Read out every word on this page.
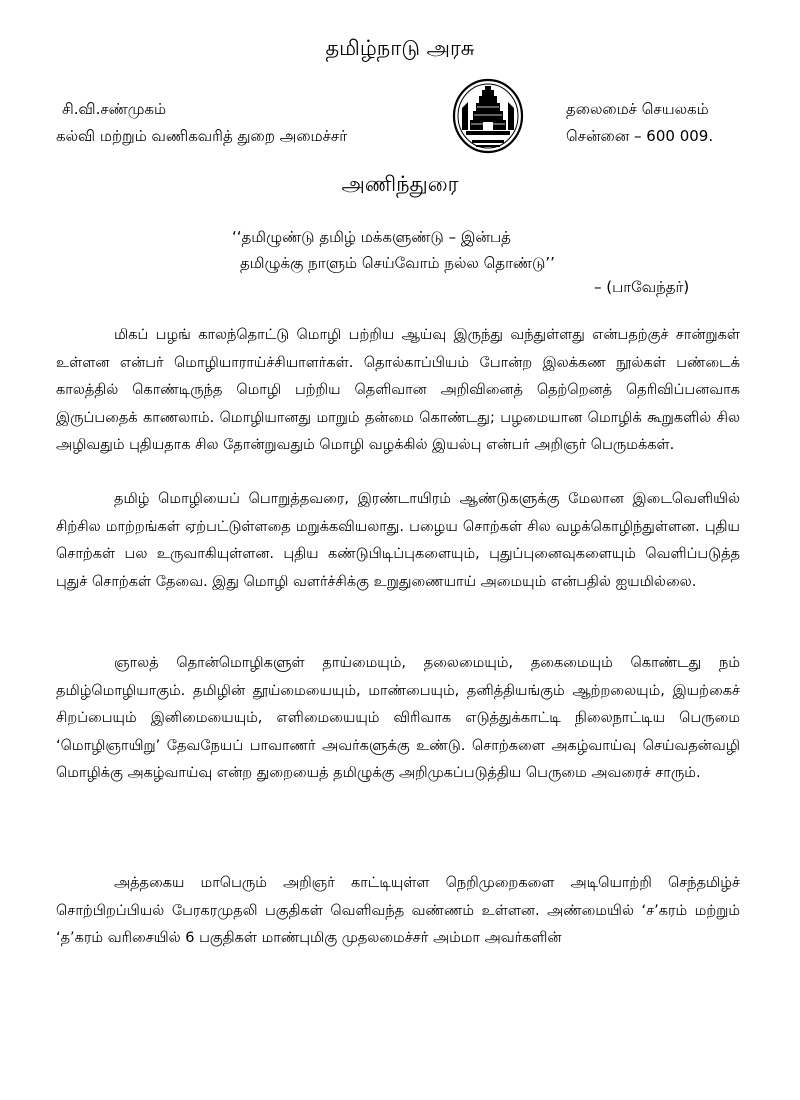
தமிழ்நாடு அரசு
சி.வி.சண்முகம்
கல்வி மற்றும் வணிகவரித் துறை அமைச்சர்
தலைமைச் செயலகம்
சென்னை – 600 009.
அணிந்துரை
‘‘தமிழுண்டு தமிழ் மக்களுண்டு – இன்பத்
தமிழுக்கு நாளும் செய்வோம் நல்ல தொண்டு’’
– (பாவேந்தர்)

மிகப் பழங் காலந்தொட்டு மொழி பற்றிய ஆய்வு இருந்து வந்துள்ளது என்பதற்குச் சான்றுகள் உள்ளன என்பர் மொழியாராய்ச்சியாளர்கள். தொல்காப்பியம் போன்ற இலக்கண நூல்கள் பண்டைக் காலத்தில் கொண்டிருந்த மொழி பற்றிய தெளிவான அறிவினைத் தெற்றெனத் தெரிவிப்பனவாக இருப்பதைக் காணலாம். மொழியானது மாறும் தன்மை கொண்டது; பழமையான மொழிக் கூறுகளில் சில அழிவதும் புதியதாக சில தோன்றுவதும் மொழி வழக்கில் இயல்பு என்பர் அறிஞர் பெருமக்கள்.

தமிழ் மொழியைப் பொறுத்தவரை, இரண்டாயிரம் ஆண்டுகளுக்கு மேலான இடைவெளியில் சிற்சில மாற்றங்கள் ஏற்பட்டுள்ளதை மறுக்கவியலாது. பழைய சொற்கள் சில வழக்கொழிந்துள்ளன. புதிய சொற்கள் பல உருவாகியுள்ளன. புதிய கண்டுபிடிப்புகளையும், புதுப்புனைவுகளையும் வெளிப்படுத்த புதுச் சொற்கள் தேவை. இது மொழி வளர்ச்சிக்கு உறுதுணையாய் அமையும் என்பதில் ஐயமில்லை.

ஞாலத் தொன்மொழிகளுள் தாய்மையும், தலைமையும், தகைமையும் கொண்டது நம் தமிழ்மொழியாகும். தமிழின் தூய்மையையும், மாண்பையும், தனித்தியங்கும் ஆற்றலையும், இயற்கைச் சிறப்பையும் இனிமையையும், எளிமையையும் விரிவாக எடுத்துக்காட்டி நிலைநாட்டிய பெருமை ‘மொழிஞாயிறு’ தேவநேயப் பாவாணர் அவர்களுக்கு உண்டு. சொற்களை அகழ்வாய்வு செய்வதன்வழி மொழிக்கு அகழ்வாய்வு என்ற துறையைத் தமிழுக்கு அறிமுகப்படுத்திய பெருமை அவரைச் சாரும்.

அத்தகைய மாபெரும் அறிஞர் காட்டியுள்ள நெறிமுறைகளை அடியொற்றி செந்தமிழ்ச் சொற்பிறப்பியல் பேரகரமுதலி பகுதிகள் வெளிவந்த வண்ணம் உள்ளன. அண்மையில் ‘ச’கரம் மற்றும் ‘த’கரம் வரிசையில் 6 பகுதிகள் மாண்புமிகு முதலமைச்சர் அம்மா அவர்களின்
